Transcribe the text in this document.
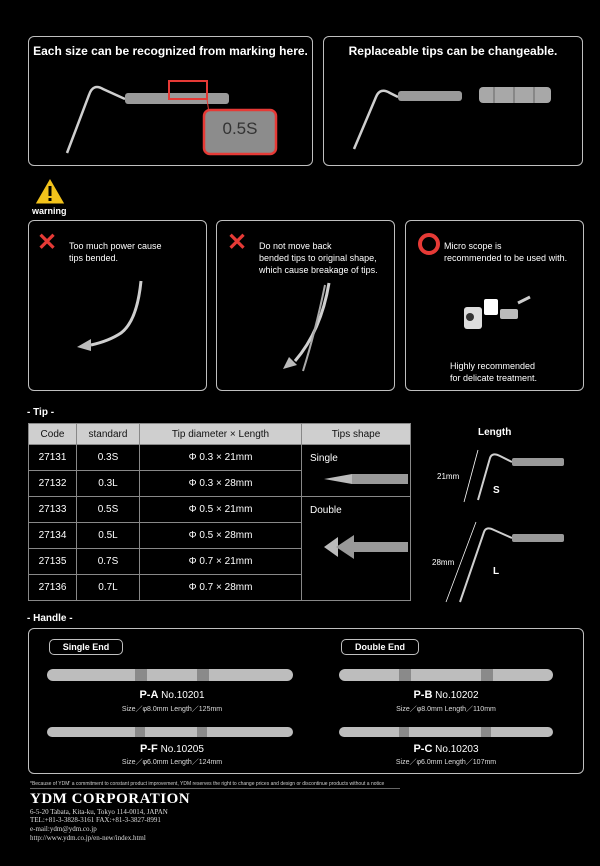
Each size can be recognized from marking here.
0.5S
Replaceable tips can be changeable.
warning
✕ Too much power cause
tips bended.
✕ Do not move back
bended tips to original shape,
which cause breakage of tips.
Micro scope is
recommended to be used with.
Highly recommended
for delicate treatment.
- Tip -
Code	standard	Tip diameter × Length	Tips shape
27131	0.3S	Φ 0.3 × 21mm	Single

27132	0.3L	Φ 0.3 × 28mm	
27133	0.5S	Φ 0.5 × 21mm	Double

27134	0.5L	Φ 0.5 × 28mm	
27135	0.7S	Φ 0.7 × 21mm	
27136	0.7L	Φ 0.7 × 28mm	
Length
21mm
S
28mm
L
- Handle -
Single End	Double End
P-A No.10201
Size／φ8.0mm Length／125mm
P-B No.10202
Size／φ8.0mm Length／110mm
P-F No.10205
Size／φ6.0mm Length／124mm
P-C No.10203
Size／φ6.0mm Length／107mm
*Because of YDM' a commitment to constant product improvement, YDM reserves the right to change prices and design or discontinue products without a notice
YDM CORPORATION
6-5-20 Tabata, Kita-ku, Tokyo 114-0014, JAPAN
TEL:+81-3-3828-3161 FAX:+81-3-3827-8991
e-mail:ydm@ydm.co.jp
http://www.ydm.co.jp/en-new/index.html
